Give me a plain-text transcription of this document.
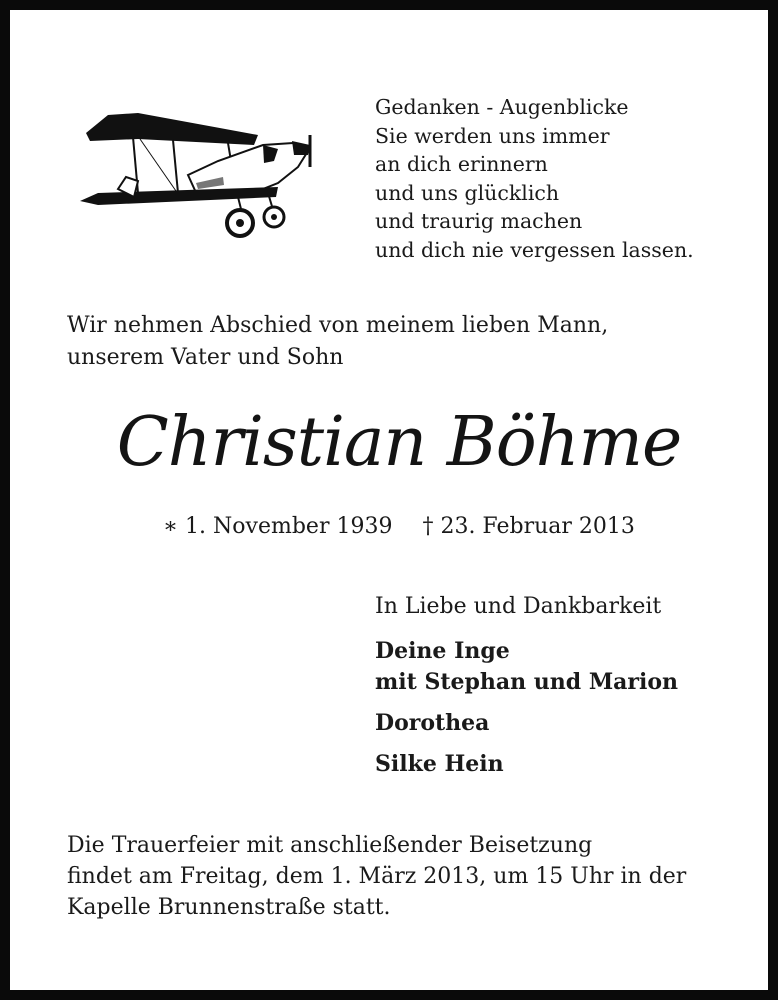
Gedanken - Augenblicke
Sie werden uns immer
an dich erinnern
und uns glücklich
und traurig machen
und dich nie vergessen lassen.
Wir nehmen Abschied von meinem lieben Mann,
unserem Vater und Sohn
Christian Böhme
∗ 1. November 1939 † 23. Februar 2013
In Liebe und Dankbarkeit
Deine Inge
mit Stephan und Marion
Dorothea
Silke Hein
Die Trauerfeier mit anschließender Beisetzung
findet am Freitag, dem 1. März 2013, um 15 Uhr in der
Kapelle Brunnenstraße statt.
